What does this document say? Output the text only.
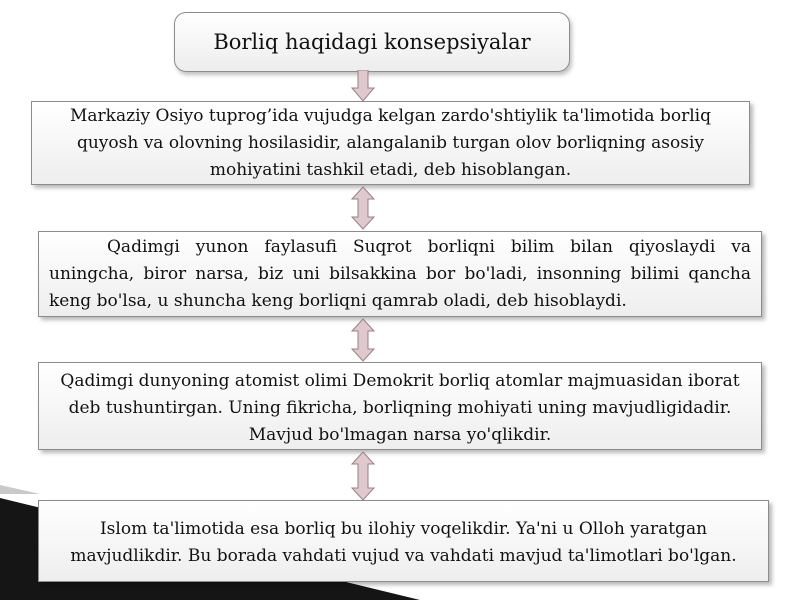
Borliq haqidagi konsepsiyalar
Markaziy Osiyo tuprog’ida vujudga kelgan zardo'shtiylik ta'limotida borliq
quyosh va olovning hosilasidir, alangalanib turgan olov borliqning asosiy
mohiyatini tashkil etadi, deb hisoblangan.

Qadimgi yunon faylasufi Suqrot borliqni bilim bilan qiyoslaydi va uningcha, biror narsa, biz uni bilsakkina bor bo'ladi, insonning bilimi qancha keng bo'lsa, u shuncha keng borliqni qamrab oladi, deb hisoblaydi.

Qadimgi dunyoning atomist olimi Demokrit borliq atomlar majmuasidan iborat
deb tushuntirgan. Uning fikricha, borliqning mohiyati uning mavjudligidadir.
Mavjud bo'lmagan narsa yo'qlikdir.
Islom ta'limotida esa borliq bu ilohiy voqelikdir. Ya'ni u Olloh yaratgan
mavjudlikdir. Bu borada vahdati vujud va vahdati mavjud ta'limotlari bo'lgan.
